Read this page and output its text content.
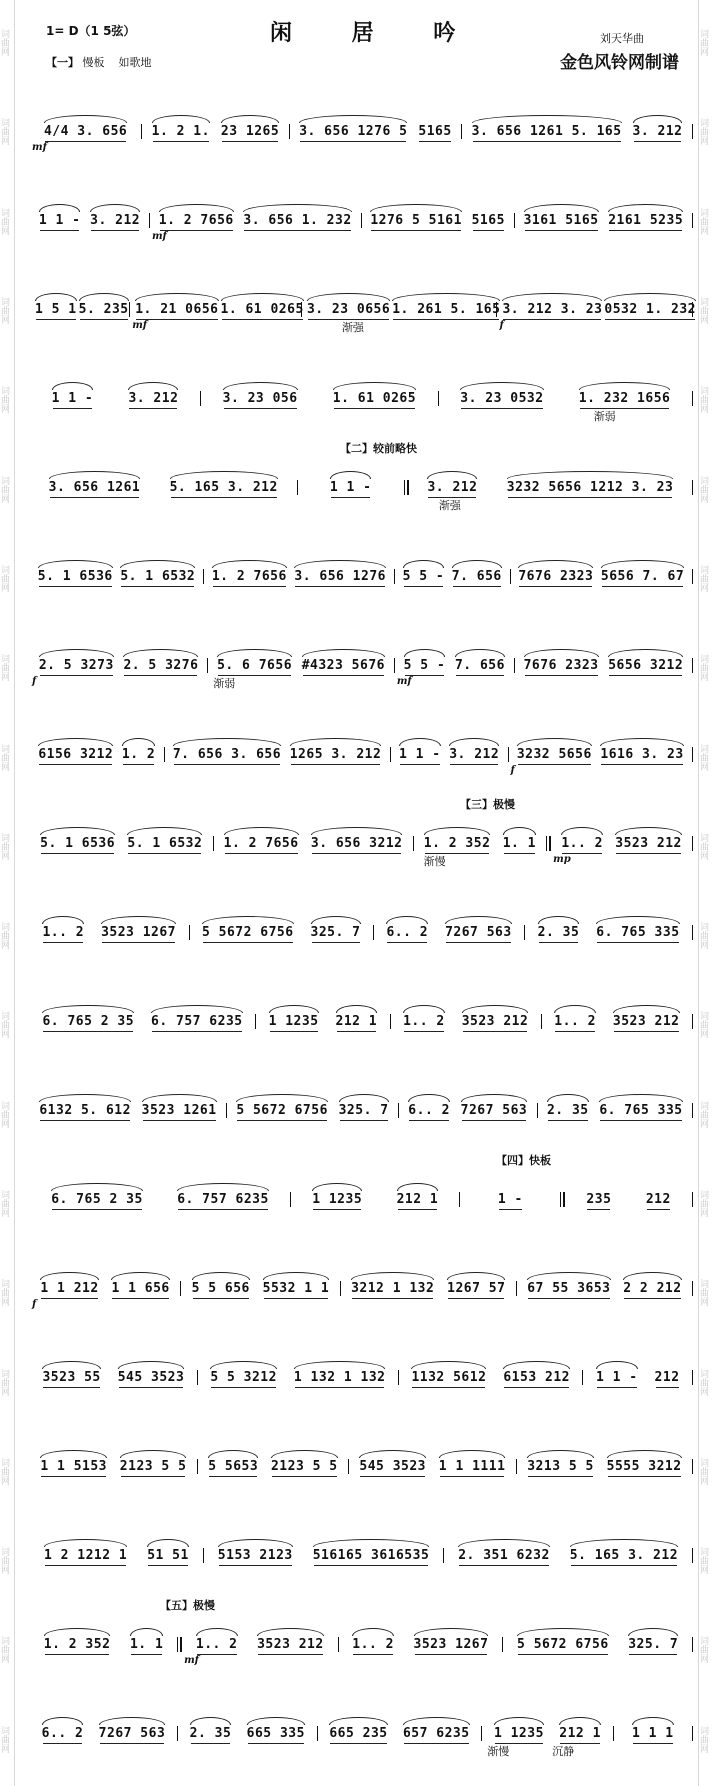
词 曲 网
词 曲 网
词 曲 网
词 曲 网
词 曲 网
词 曲 网
词 曲 网
词 曲 网
词 曲 网
词 曲 网
词 曲 网
词 曲 网
词 曲 网
词 曲 网
词 曲 网
词 曲 网
词 曲 网
词 曲 网
词 曲 网
词 曲 网
词 曲 网
词 曲 网
词 曲 网
词 曲 网
词 曲 网
词 曲 网
词 曲 网
词 曲 网
词 曲 网
词 曲 网
词 曲 网
词 曲 网
词 曲 网
词 曲 网
词 曲 网
词 曲 网
词 曲 网
词 曲 网
词 曲 网
词 曲 网
1= D（1 5弦）	闲 居 吟	刘天华曲
金色风铃网制谱
【一】 慢板 如歌地
4/4 3. 656
mf
1. 2 1. 23 1265 3. 656 1276 5 5165 3. 656 1261 5. 165 3. 212
1 1 - 3. 212 1. 2 7656 3. 656 1. 232
mf
1276 5 5161 5165 3161 5165 2161 5235
1 5 1 5. 235 1. 21 0656 1. 61 0265
mf
3. 23 0656 1. 261 5. 165
渐强
3. 212 3. 23 0532 1. 232
f
1 1 -	3. 212	3. 23 056	1. 61 0265	3. 23 0532	1. 232 1656
渐弱
【二】较前略快
3. 656 1261 5. 165 3. 212	1 1 -	3. 212 3232 5656 1212 3. 23
渐强
5. 1 6536 5. 1 6532 1. 2 7656 3. 656 1276 5 5 - 7. 656 7676 2323 5656 7. 67
2. 5 3273 2. 5 3276
f
5. 6 7656 #4323 5676
渐弱
5 5 - 7. 656
mf
7676 2323 5656 3212
6156 3212 1. 2 7. 656 3. 656 1265 3. 212 1 1 - 3. 212 3232 5656 1616 3. 23
f
【三】极慢
5. 1 6536 5. 1 6532 1. 2 7656 3. 656 3212 1. 2 352 1. 1
渐慢
1.. 2 3523 212
mp
1.. 2 3523 1267 5 5672 6756 325. 7 6.. 2 7267 563 2. 35 6. 765 335
6. 765 2 35 6. 757 6235 1 1235 212 1 1.. 2 3523 212 1.. 2 3523 212
6132 5. 612 3523 1261 5 5672 6756 325. 7 6.. 2 7267 563 2. 35 6. 765 335
【四】快板
6. 765 2 35	6. 757 6235	1 1235	212 1	1 -	235	212
1 1 212 1 1 656
f
5 5 656 5532 1 1 3212 1 132 1267 57 67 55 3653 2 2 212
3523 55 545 3523 5 5 3212 1 132 1 132 1132 5612 6153 212 1 1 - 212
1 1 5153 2123 5 5 5 5653 2123 5 5 545 3523 1 1 1111 3213 5 5 5555 3212
1 2 1212 1 51 51 5153 2123 516165 3616535 2. 351 6232 5. 165 3. 212
【五】极慢
1. 2 352 1. 1	1.. 2 3523 212
mf
1.. 2 3523 1267 5 5672 6756 325. 7
6.. 2 7267 563 2. 35 665 335 665 235 657 6235 1 1235 212 1
渐慢	沉静
1 1 1
